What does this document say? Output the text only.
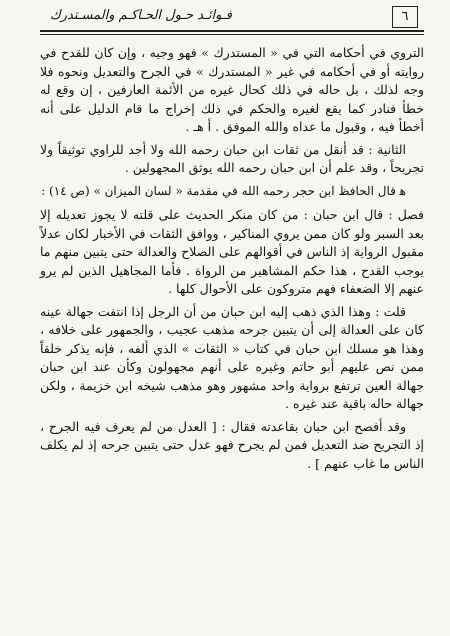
فـوائـد حـول الحـاكـم والمسـتدرك	٦

التروي في أحكامه التي في « المستدرك » فهو وجيه ، وإن كان للقدح في روايته أو في أحكامه في غير « المستدرك » في الجرح والتعديل ونحوه فلا وجه لذلك ، بل حاله في ذلك كحال غيره من الأئمة العارفين ، إن وقع له خطأ فنادر كما يقع لغيره والحكم في ذلك إخراج ما قام الدليل على أنه أخطأ فيه ، وقبول ما عداه والله الموفق . أ هـ .

الثانية : قد أنقل من ثقات ابن حبان رحمه الله ولا أجد للراوي توثيقاً ولا تجريحاً ، وقد علم أن ابن حبان رحمه الله يوثق المجهولين .

ﻫ قال الحافظ ابن حجر رحمه الله في مقدمة « لسان الميزان » (ص ١٤) :

فصل : قال ابن حبان : من كان منكر الحديث على قلته لا يجوز تعديله إلا بعد السبر ولو كان ممن يروي المناكير ، ووافق الثقات في الأخبار لكان عدلاً مقبول الرواية إذ الناس في أقوالهم على الصلاح والعدالة حتى يتبين منهم ما يوجب القدح ، هذا حكم المشاهير من الرواة . فأما المجاهيل الذين لم يرو عنهم إلا الضعفاء فهم متروكون على الأحوال كلها .

قلت : وهذا الذي ذهب إليه ابن حبان من أن الرجل إذا انتفت جهالة عينه كان على العدالة إلى أن يتبين جرحه مذهب عجيب ، والجمهور على خلافه ، وهذا هو مسلك ابن حبان في كتاب « الثقات » الذي ألفه ، فإنه يذكر خلقاً ممن نص عليهم أبو حاتم وغيره على أنهم مجهولون وكأن عند ابن حبان جهالة العين ترتفع برواية واحد مشهور وهو مذهب شيخه ابن خزيمة ، ولكن جهالة حاله باقية عند غيره .

وقد أفصح ابن حبان بقاعدته فقال : [ العدل من لم يعرف فيه الجرح ، إذ التجريح ضد التعديل فمن لم يجرح فهو عدل حتى يتبين جرحه إذ لم يكلف الناس ما غاب عنهم ] .
